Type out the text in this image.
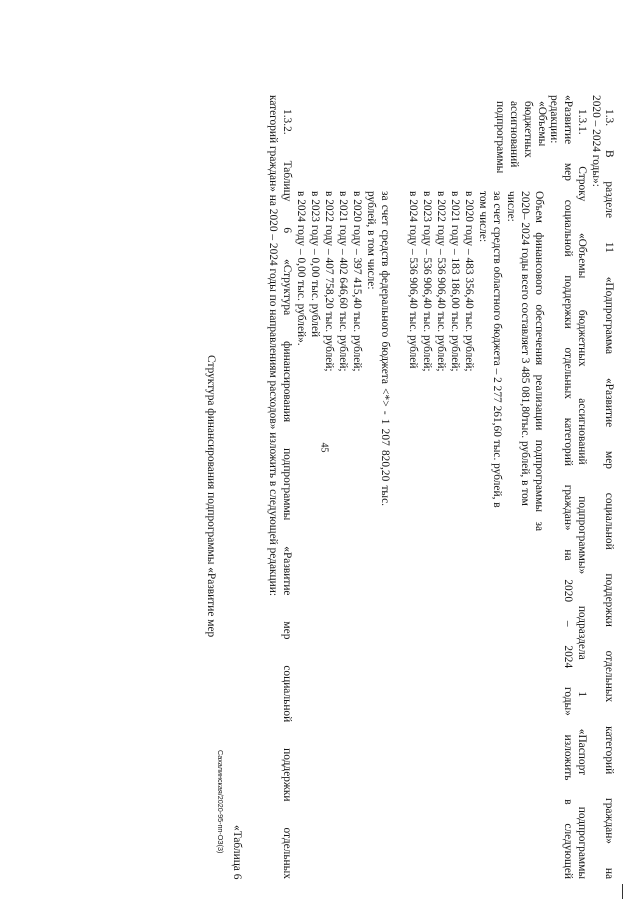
45	1.3. В разделе 11 «Подпрограмма «Развитие мер социальной поддержки отдельных категорий граждан» на
2020 – 2024 годы»:
1.3.1. Строку «Объемы бюджетных ассигнований подпрограммы» подраздела 1 «Паспорт подпрограммы
«Развитие мер социальной поддержки отдельных категорий граждан» на 2020 – 2024 годы» изложить в следующей
редакции:
«Объемы
бюджетных
ассигнований
подпрограммы
Объем финансового обеспечения реализации подпрограммы за
2020– 2024 годы всего составляет 3 485 081,80тыс. рублей, в том
числе:
за счет средств областного бюджета – 2 277 261,60 тыс. рублей, в
том числе:
в 2020 году – 483 356,40 тыс. рублей;
в 2021 году – 183 186,00 тыс. рублей;
в 2022 году – 536 906,40 тыс. рублей;
в 2023 году – 536 906,40 тыс. рублей;
в 2024 году – 536 906,40 тыс. рублей
за счет средств федерального бюджета <*> - 1 207 820,20 тыс.
рублей, в том числе:
в 2020 году – 397 415,40 тыс. рублей;
в 2021 году – 402 646,60 тыс. рублей;
в 2022 году – 407 758,20 тыс. рублей;
в 2023 году – 0,00 тыс. рублей
в 2024 году – 0,00 тыс. рублей».
1.3.2. Таблицу 6 «Структура финансирования подпрограммы «Развитие мер социальной поддержки отдельных
категорий граждан» на 2020 – 2024 годы по направлениям расходов» изложить в следующей редакции:
«Таблица 6
Сахалинская/2020-95-пп-ОЗ(3)
Структура финансирования подпрограммы «Развитие мер
